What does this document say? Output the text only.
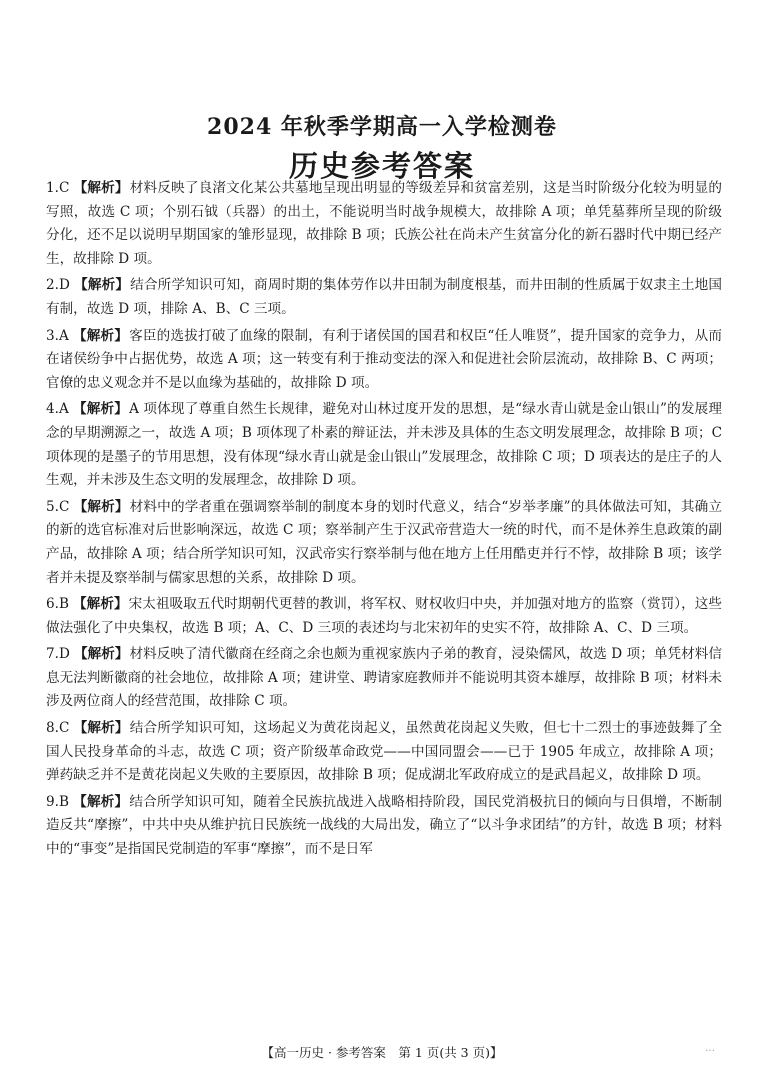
2024 年秋季学期高一入学检测卷
历史参考答案

1.C 【解析】材料反映了良渚文化某公共墓地呈现出明显的等级差异和贫富差别，这是当时阶级分化较为明显的写照，故选 C 项；个别石钺（兵器）的出土，不能说明当时战争规模大，故排除 A 项；单凭墓葬所呈现的阶级分化，还不足以说明早期国家的雏形显现，故排除 B 项；氏族公社在尚未产生贫富分化的新石器时代中期已经产生，故排除 D 项。

2.D 【解析】结合所学知识可知，商周时期的集体劳作以井田制为制度根基，而井田制的性质属于奴隶主土地国有制，故选 D 项，排除 A、B、C 三项。

3.A 【解析】客臣的选拔打破了血缘的限制，有利于诸侯国的国君和权臣“任人唯贤”，提升国家的竞争力，从而在诸侯纷争中占据优势，故选 A 项；这一转变有利于推动变法的深入和促进社会阶层流动，故排除 B、C 两项；官僚的忠义观念并不是以血缘为基础的，故排除 D 项。

4.A 【解析】A 项体现了尊重自然生长规律，避免对山林过度开发的思想，是“绿水青山就是金山银山”的发展理念的早期溯源之一，故选 A 项；B 项体现了朴素的辩证法，并未涉及具体的生态文明发展理念，故排除 B 项；C 项体现的是墨子的节用思想，没有体现“绿水青山就是金山银山”发展理念，故排除 C 项；D 项表达的是庄子的人生观，并未涉及生态文明的发展理念，故排除 D 项。

5.C 【解析】材料中的学者重在强调察举制的制度本身的划时代意义，结合“岁举孝廉”的具体做法可知，其确立的新的选官标准对后世影响深远，故选 C 项；察举制产生于汉武帝营造大一统的时代，而不是休养生息政策的副产品，故排除 A 项；结合所学知识可知，汉武帝实行察举制与他在地方上任用酷吏并行不悖，故排除 B 项；该学者并未提及察举制与儒家思想的关系，故排除 D 项。

6.B 【解析】宋太祖吸取五代时期朝代更替的教训，将军权、财权收归中央，并加强对地方的监察（赏罚），这些做法强化了中央集权，故选 B 项；A、C、D 三项的表述均与北宋初年的史实不符，故排除 A、C、D 三项。

7.D 【解析】材料反映了清代徽商在经商之余也颇为重视家族内子弟的教育，浸染儒风，故选 D 项；单凭材料信息无法判断徽商的社会地位，故排除 A 项；建讲堂、聘请家庭教师并不能说明其资本雄厚，故排除 B 项；材料未涉及两位商人的经营范围，故排除 C 项。

8.C 【解析】结合所学知识可知，这场起义为黄花岗起义，虽然黄花岗起义失败，但七十二烈士的事迹鼓舞了全国人民投身革命的斗志，故选 C 项；资产阶级革命政党——中国同盟会——已于 1905 年成立，故排除 A 项；弹药缺乏并不是黄花岗起义失败的主要原因，故排除 B 项；促成湖北军政府成立的是武昌起义，故排除 D 项。

9.B 【解析】结合所学知识可知，随着全民族抗战进入战略相持阶段，国民党消极抗日的倾向与日俱增，不断制造反共“摩擦”，中共中央从维护抗日民族统一战线的大局出发，确立了“以斗争求团结”的方针，故选 B 项；材料中的“事变”是指国民党制造的军事“摩擦”，而不是日军

【高一历史 · 参考答案　第 1 页(共 3 页)】	…
